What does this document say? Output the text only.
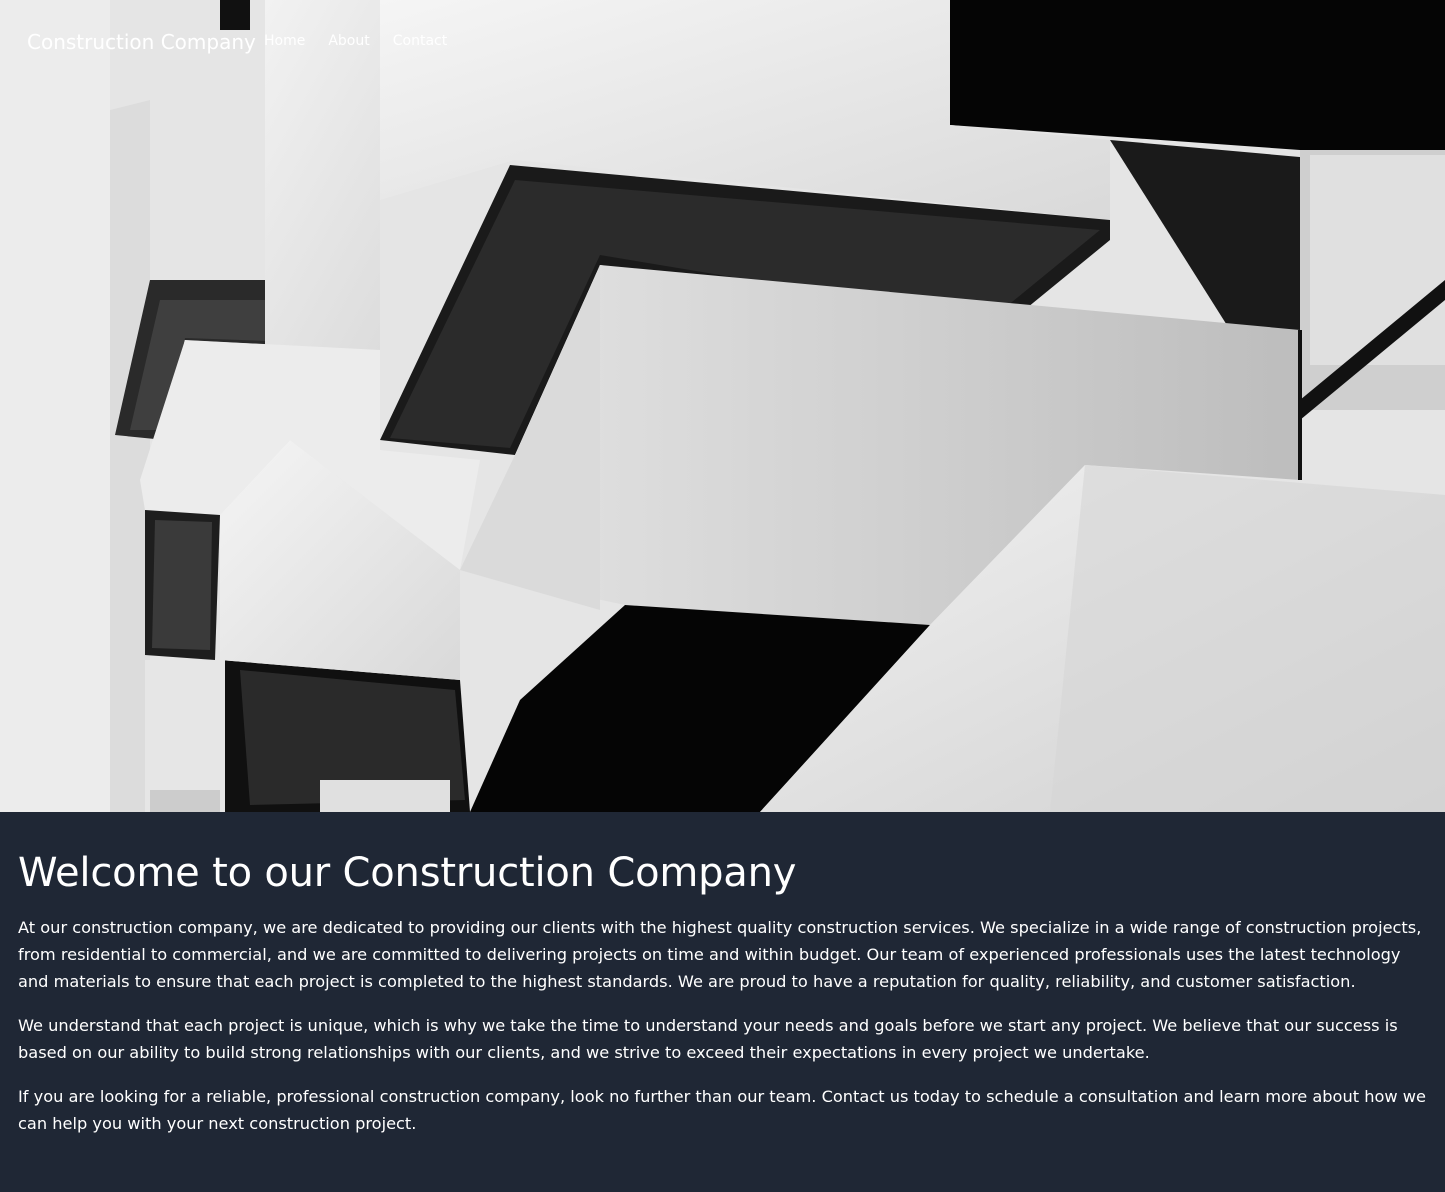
Construction Company Home About Contact
Welcome to our Construction Company

At our construction company, we are dedicated to providing our clients with the highest quality construction services. We specialize in a wide range of construction projects, from residential to commercial, and we are committed to delivering projects on time and within budget. Our team of experienced professionals uses the latest technology and materials to ensure that each project is completed to the highest standards. We are proud to have a reputation for quality, reliability, and customer satisfaction.

We understand that each project is unique, which is why we take the time to understand your needs and goals before we start any project. We believe that our success is based on our ability to build strong relationships with our clients, and we strive to exceed their expectations in every project we undertake.

If you are looking for a reliable, professional construction company, look no further than our team. Contact us today to schedule a consultation and learn more about how we can help you with your next construction project.
